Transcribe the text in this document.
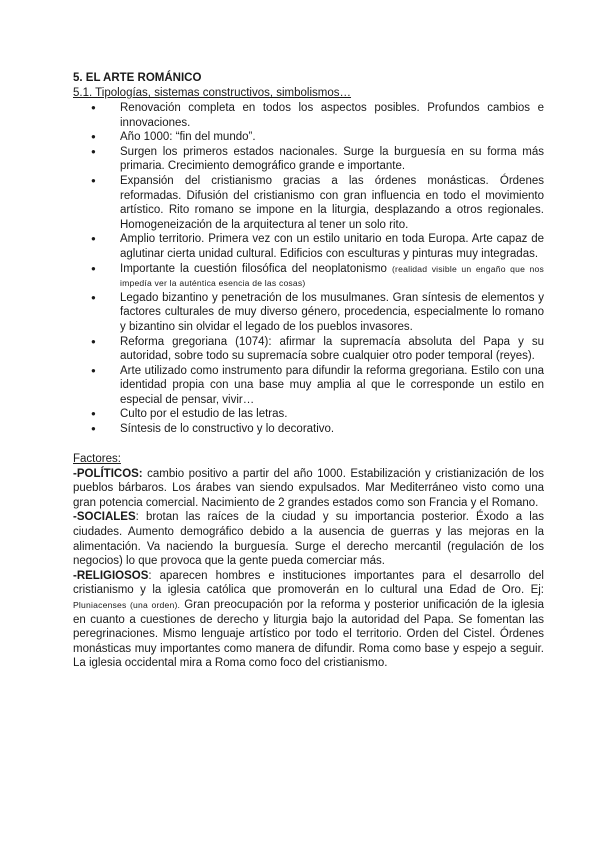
5. EL ARTE ROMÁNICO

5.1. Tipologías, sistemas constructivos, simbolismos…

● Renovación completa en todos los aspectos posibles. Profundos cambios e innovaciones.
● Año 1000: “fin del mundo”.
● Surgen los primeros estados nacionales. Surge la burguesía en su forma más primaria. Crecimiento demográfico grande e importante.
● Expansión del cristianismo gracias a las órdenes monásticas. Órdenes reformadas. Difusión del cristianismo con gran influencia en todo el movimiento artístico. Rito romano se impone en la liturgia, desplazando a otros regionales. Homogeneización de la arquitectura al tener un solo rito.
● Amplio territorio. Primera vez con un estilo unitario en toda Europa. Arte capaz de aglutinar cierta unidad cultural. Edificios con esculturas y pinturas muy integradas.
● Importante la cuestión filosófica del neoplatonismo (realidad visible un engaño que nos impedía ver la auténtica esencia de las cosas)
● Legado bizantino y penetración de los musulmanes. Gran síntesis de elementos y factores culturales de muy diverso género, procedencia, especialmente lo romano y bizantino sin olvidar el legado de los pueblos invasores.
● Reforma gregoriana (1074): afirmar la supremacía absoluta del Papa y su autoridad, sobre todo su supremacía sobre cualquier otro poder temporal (reyes).
● Arte utilizado como instrumento para difundir la reforma gregoriana. Estilo con una identidad propia con una base muy amplia al que le corresponde un estilo en especial de pensar, vivir…
● Culto por el estudio de las letras.
● Síntesis de lo constructivo y lo decorativo.

Factores:

-POLÍTICOS: cambio positivo a partir del año 1000. Estabilización y cristianización de los pueblos bárbaros. Los árabes van siendo expulsados. Mar Mediterráneo visto como una gran potencia comercial. Nacimiento de 2 grandes estados como son Francia y el Romano.

-SOCIALES: brotan las raíces de la ciudad y su importancia posterior. Éxodo a las ciudades. Aumento demográfico debido a la ausencia de guerras y las mejoras en la alimentación. Va naciendo la burguesía. Surge el derecho mercantil (regulación de los negocios) lo que provoca que la gente pueda comerciar más.

-RELIGIOSOS: aparecen hombres e instituciones importantes para el desarrollo del cristianismo y la iglesia católica que promoverán en lo cultural una Edad de Oro. Ej: Pluniacenses (una orden). Gran preocupación por la reforma y posterior unificación de la iglesia en cuanto a cuestiones de derecho y liturgia bajo la autoridad del Papa. Se fomentan las peregrinaciones. Mismo lenguaje artístico por todo el territorio. Orden del Cistel. Órdenes monásticas muy importantes como manera de difundir. Roma como base y espejo a seguir. La iglesia occidental mira a Roma como foco del cristianismo.
